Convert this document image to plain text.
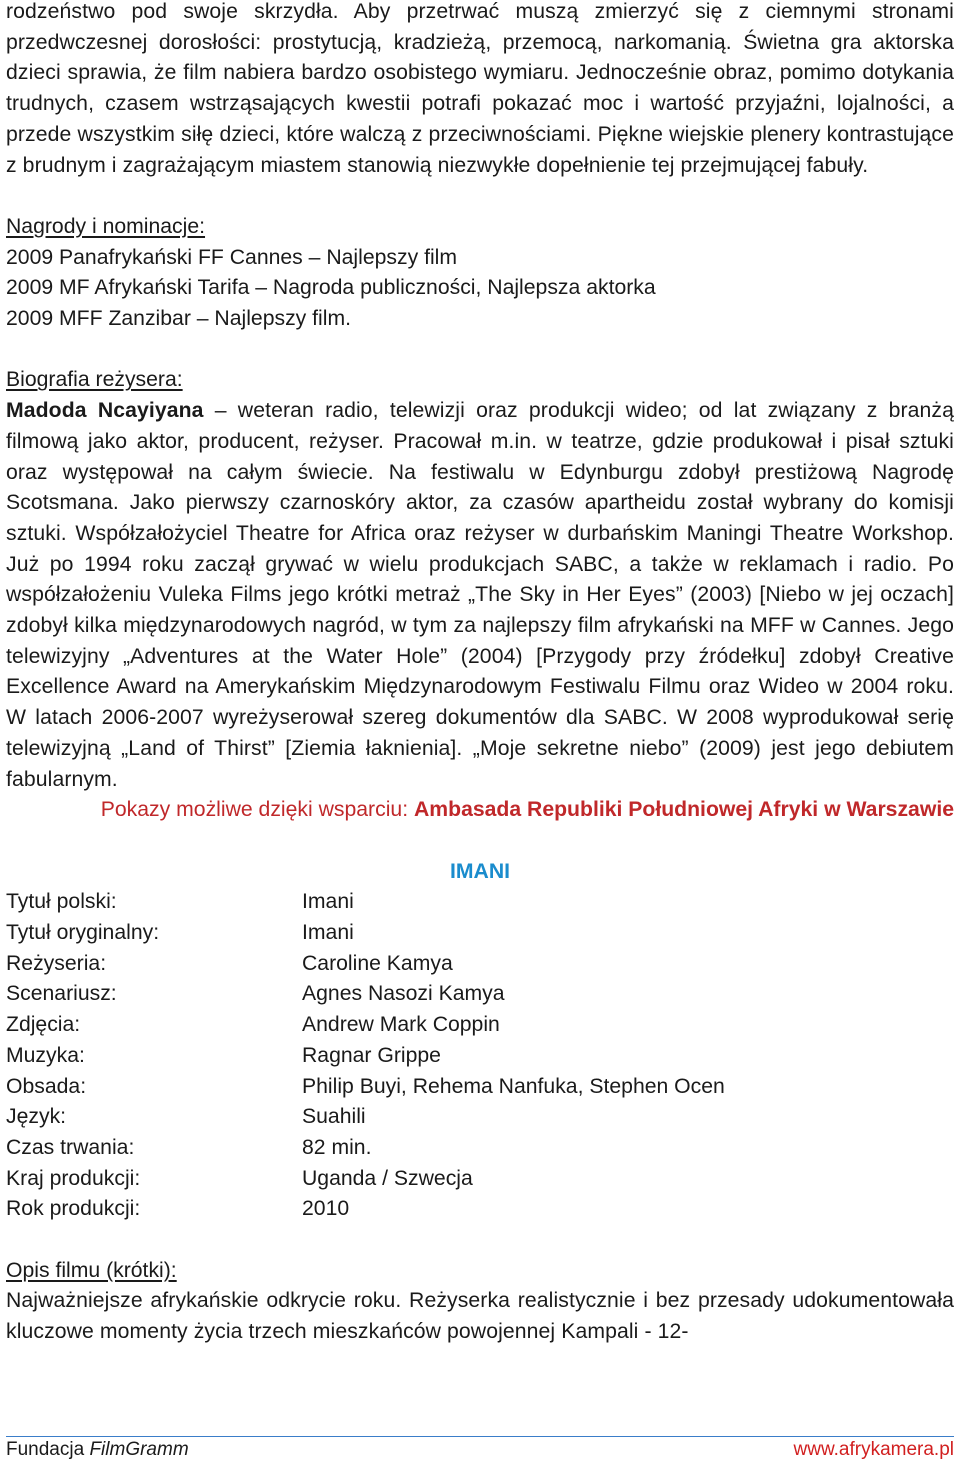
rodzeństwo pod swoje skrzydła. Aby przetrwać muszą zmierzyć się z ciemnymi stronami przedwczesnej dorosłości: prostytucją, kradzieżą, przemocą, narkomanią. Świetna gra aktorska dzieci sprawia, że film nabiera bardzo osobistego wymiaru. Jednocześnie obraz, pomimo dotykania trudnych, czasem wstrząsających kwestii potrafi pokazać moc i wartość przyjaźni, lojalności, a przede wszystkim siłę dzieci, które walczą z przeciwnościami. Piękne wiejskie plenery kontrastujące z brudnym i zagrażającym miastem stanowią niezwykłe dopełnienie tej przejmującej fabuły.

Nagrody i nominacje:
2009 Panafrykański FF Cannes – Najlepszy film
2009 MF Afrykański Tarifa – Nagroda publiczności, Najlepsza aktorka
2009 MFF Zanzibar – Najlepszy film.
Biografia reżysera:

Madoda Ncayiyana – weteran radio, telewizji oraz produkcji wideo; od lat związany z branżą filmową jako aktor, producent, reżyser. Pracował m.in. w teatrze, gdzie produkował i pisał sztuki oraz występował na całym świecie. Na festiwalu w Edynburgu zdobył prestiżową Nagrodę Scotsmana. Jako pierwszy czarnoskóry aktor, za czasów apartheidu został wybrany do komisji sztuki. Współzałożyciel Theatre for Africa oraz reżyser w durbańskim Maningi Theatre Workshop. Już po 1994 roku zaczął grywać w wielu produkcjach SABC, a także w reklamach i radio. Po współzałożeniu Vuleka Films jego krótki metraż „The Sky in Her Eyes” (2003) [Niebo w jej oczach] zdobył kilka międzynarodowych nagród, w tym za najlepszy film afrykański na MFF w Cannes. Jego telewizyjny „Adventures at the Water Hole” (2004) [Przygody przy źródełku] zdobył Creative Excellence Award na Amerykańskim Międzynarodowym Festiwalu Filmu oraz Wideo w 2004 roku. W latach 2006-2007 wyreżyserował szereg dokumentów dla SABC. W 2008 wyprodukował serię telewizyjną „Land of Thirst” [Ziemia łaknienia]. „Moje sekretne niebo” (2009) jest jego debiutem fabularnym.

Pokazy możliwe dzięki wsparciu: Ambasada Republiki Południowej Afryki w Warszawie
IMANI
Tytuł polski:	Imani
Tytuł oryginalny:	Imani
Reżyseria:	Caroline Kamya
Scenariusz:	Agnes Nasozi Kamya
Zdjęcia:	Andrew Mark Coppin
Muzyka:	Ragnar Grippe
Obsada:	Philip Buyi, Rehema Nanfuka, Stephen Ocen
Język:	Suahili
Czas trwania:	82 min.
Kraj produkcji:	Uganda / Szwecja
Rok produkcji:	2010
Opis filmu (krótki):

Najważniejsze afrykańskie odkrycie roku. Reżyserka realistycznie i bez przesady udokumentowała kluczowe momenty życia trzech mieszkańców powojennej Kampali - 12-

Fundacja FilmGramm	www.afrykamera.pl
